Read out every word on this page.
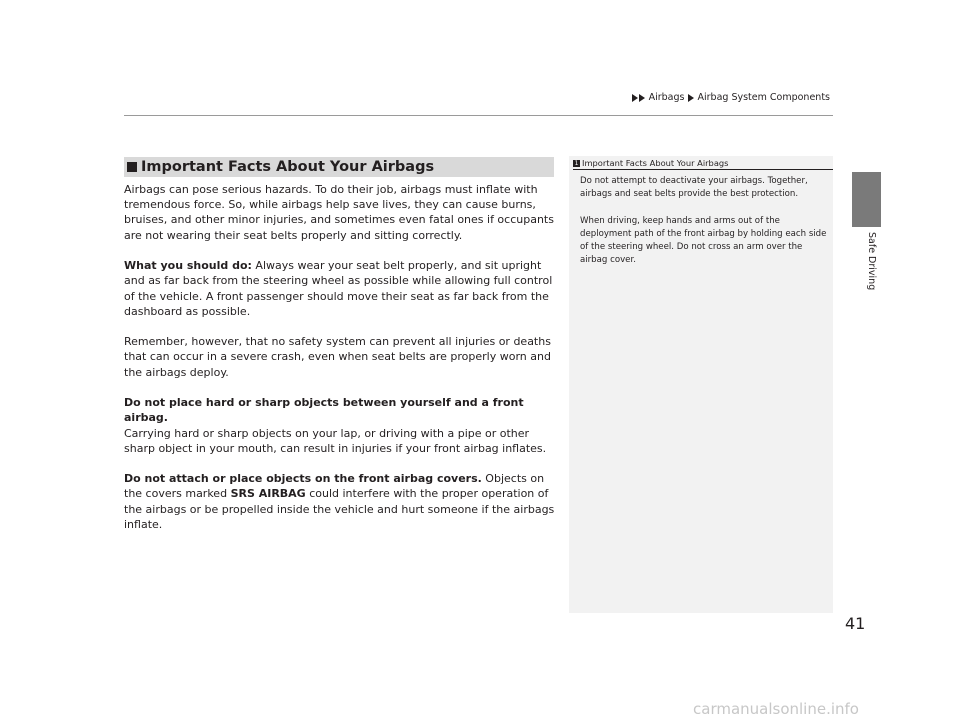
Airbags Airbag System Components
Safe Driving
Important Facts About Your Airbags

Airbags can pose serious hazards. To do their job, airbags must inflate with tremendous force. So, while airbags help save lives, they can cause burns, bruises, and other minor injuries, and sometimes even fatal ones if occupants are not wearing their seat belts properly and sitting correctly.

What you should do: Always wear your seat belt properly, and sit upright and as far back from the steering wheel as possible while allowing full control of the vehicle. A front passenger should move their seat as far back from the dashboard as possible.

Remember, however, that no safety system can prevent all injuries or deaths that can occur in a severe crash, even when seat belts are properly worn and the airbags deploy.

Do not place hard or sharp objects between yourself and a front airbag.
Carrying hard or sharp objects on your lap, or driving with a pipe or other sharp object in your mouth, can result in injuries if your front airbag inflates.

Do not attach or place objects on the front airbag covers. Objects on the covers marked SRS AIRBAG could interfere with the proper operation of the airbags or be propelled inside the vehicle and hurt someone if the airbags inflate.

1 Important Facts About Your Airbags

Do not attempt to deactivate your airbags. Together, airbags and seat belts provide the best protection.

When driving, keep hands and arms out of the deployment path of the front airbag by holding each side of the steering wheel. Do not cross an arm over the airbag cover.

41
carmanualsonline.info
